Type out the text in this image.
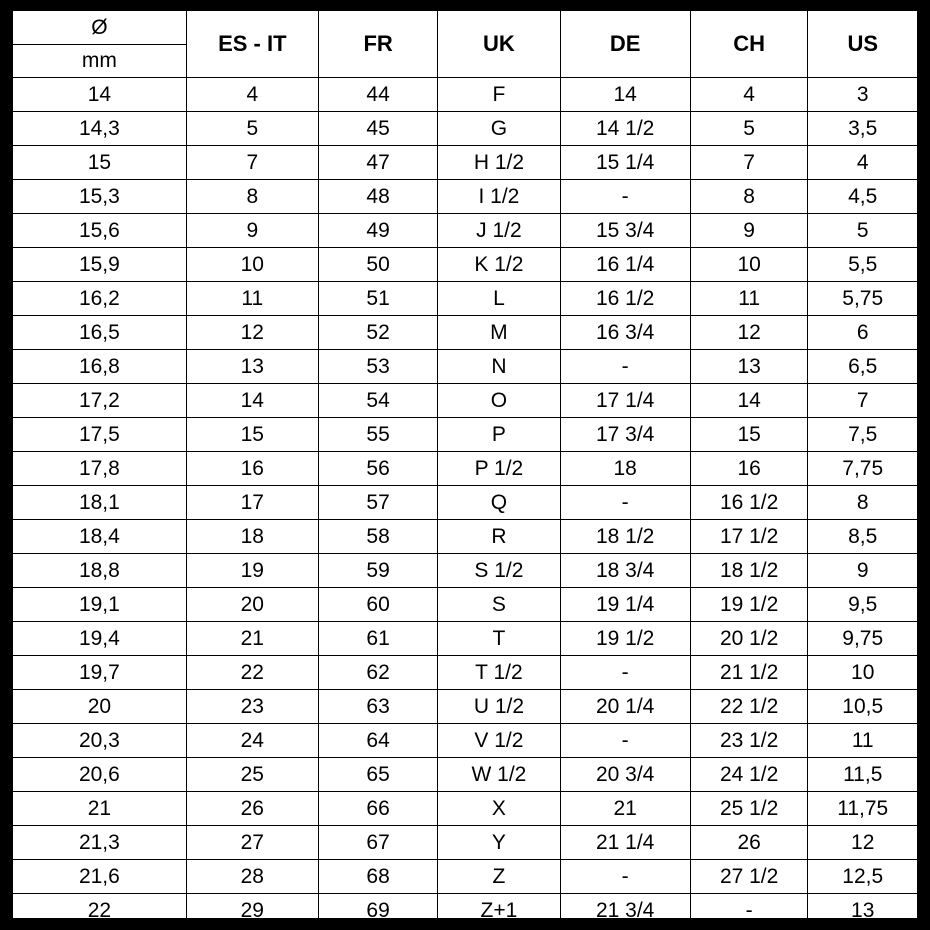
Ø
mm	ES - IT	FR	UK	DE	CH	US
14	4	44	F	14	4	3
14,3	5	45	G	14 1/2	5	3,5
15	7	47	H 1/2	15 1/4	7	4
15,3	8	48	I 1/2	-	8	4,5
15,6	9	49	J 1/2	15 3/4	9	5
15,9	10	50	K 1/2	16 1/4	10	5,5
16,2	11	51	L	16 1/2	11	5,75
16,5	12	52	M	16 3/4	12	6
16,8	13	53	N	-	13	6,5
17,2	14	54	O	17 1/4	14	7
17,5	15	55	P	17 3/4	15	7,5
17,8	16	56	P 1/2	18	16	7,75
18,1	17	57	Q	-	16 1/2	8
18,4	18	58	R	18 1/2	17 1/2	8,5
18,8	19	59	S 1/2	18 3/4	18 1/2	9
19,1	20	60	S	19 1/4	19 1/2	9,5
19,4	21	61	T	19 1/2	20 1/2	9,75
19,7	22	62	T 1/2	-	21 1/2	10
20	23	63	U 1/2	20 1/4	22 1/2	10,5
20,3	24	64	V 1/2	-	23 1/2	11
20,6	25	65	W 1/2	20 3/4	24 1/2	11,5
21	26	66	X	21	25 1/2	11,75
21,3	27	67	Y	21 1/4	26	12
21,6	28	68	Z	-	27 1/2	12,5
22	29	69	Z+1	21 3/4	-	13
